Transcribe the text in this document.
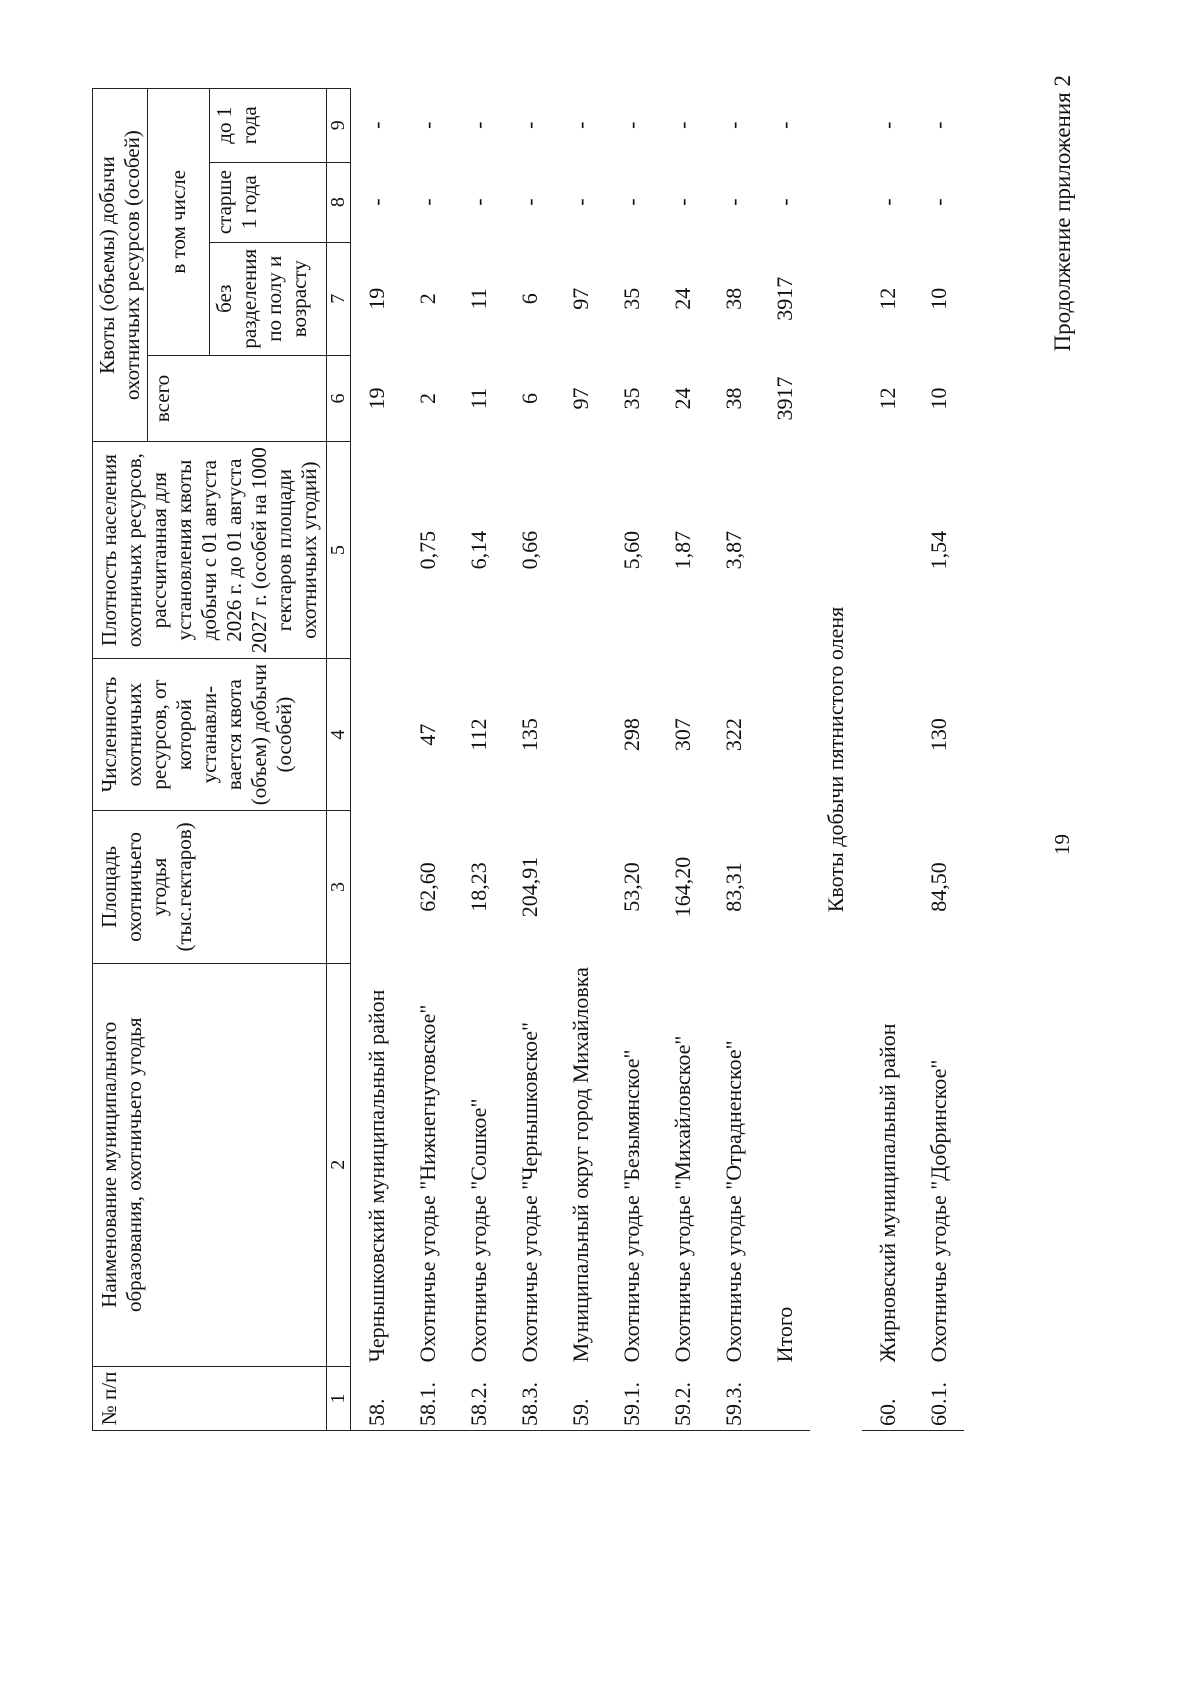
19
Продолжение приложения 2
№ п/п	Наименование муниципального образования, охотничьего угодья	Площадь охотничьего угодья (тыс.гектаров)	Численность охотничьих ресурсов, от которой устанавли- вается квота (объем) добычи (особей)	Плотность населения охотничьих ресурсов, рассчитанная для установления квоты добычи с 01 августа 2026 г. до 01 августа 2027 г. (особей на 1000 гектаров площади охотничьих угодий)	Квоты (объемы) добычи охотничьих ресурсов (особей)			
					всего	в том числе		
						без разделения по полу и возрасту	старше 1 года	до 1 года
1	2	3	4	5	6	7	8	9
58.	Чернышковский муниципальный район				19	19	-	-
58.1.	Охотничье угодье "Нижнегнутовское"	62,60	47	0,75	2	2	-	-
58.2.	Охотничье угодье "Сошкое"	18,23	112	6,14	11	11	-	-
58.3.	Охотничье угодье "Чернышковское"	204,91	135	0,66	6	6	-	-
59.	Муниципальный округ город Михайловка				97	97	-	-
59.1.	Охотничье угодье "Безымянское"	53,20	298	5,60	35	35	-	-
59.2.	Охотничье угодье "Михайловское"	164,20	307	1,87	24	24	-	-
59.3.	Охотничье угодье "Отрадненское"	83,31	322	3,87	38	38	-	-
	Итого				3917	3917	-	-
Квоты добычи пятнистого оленя								
60.	Жирновский муниципальный район				12	12	-	-
60.1.	Охотничье угодье "Добринское"	84,50	130	1,54	10	10	-	-
